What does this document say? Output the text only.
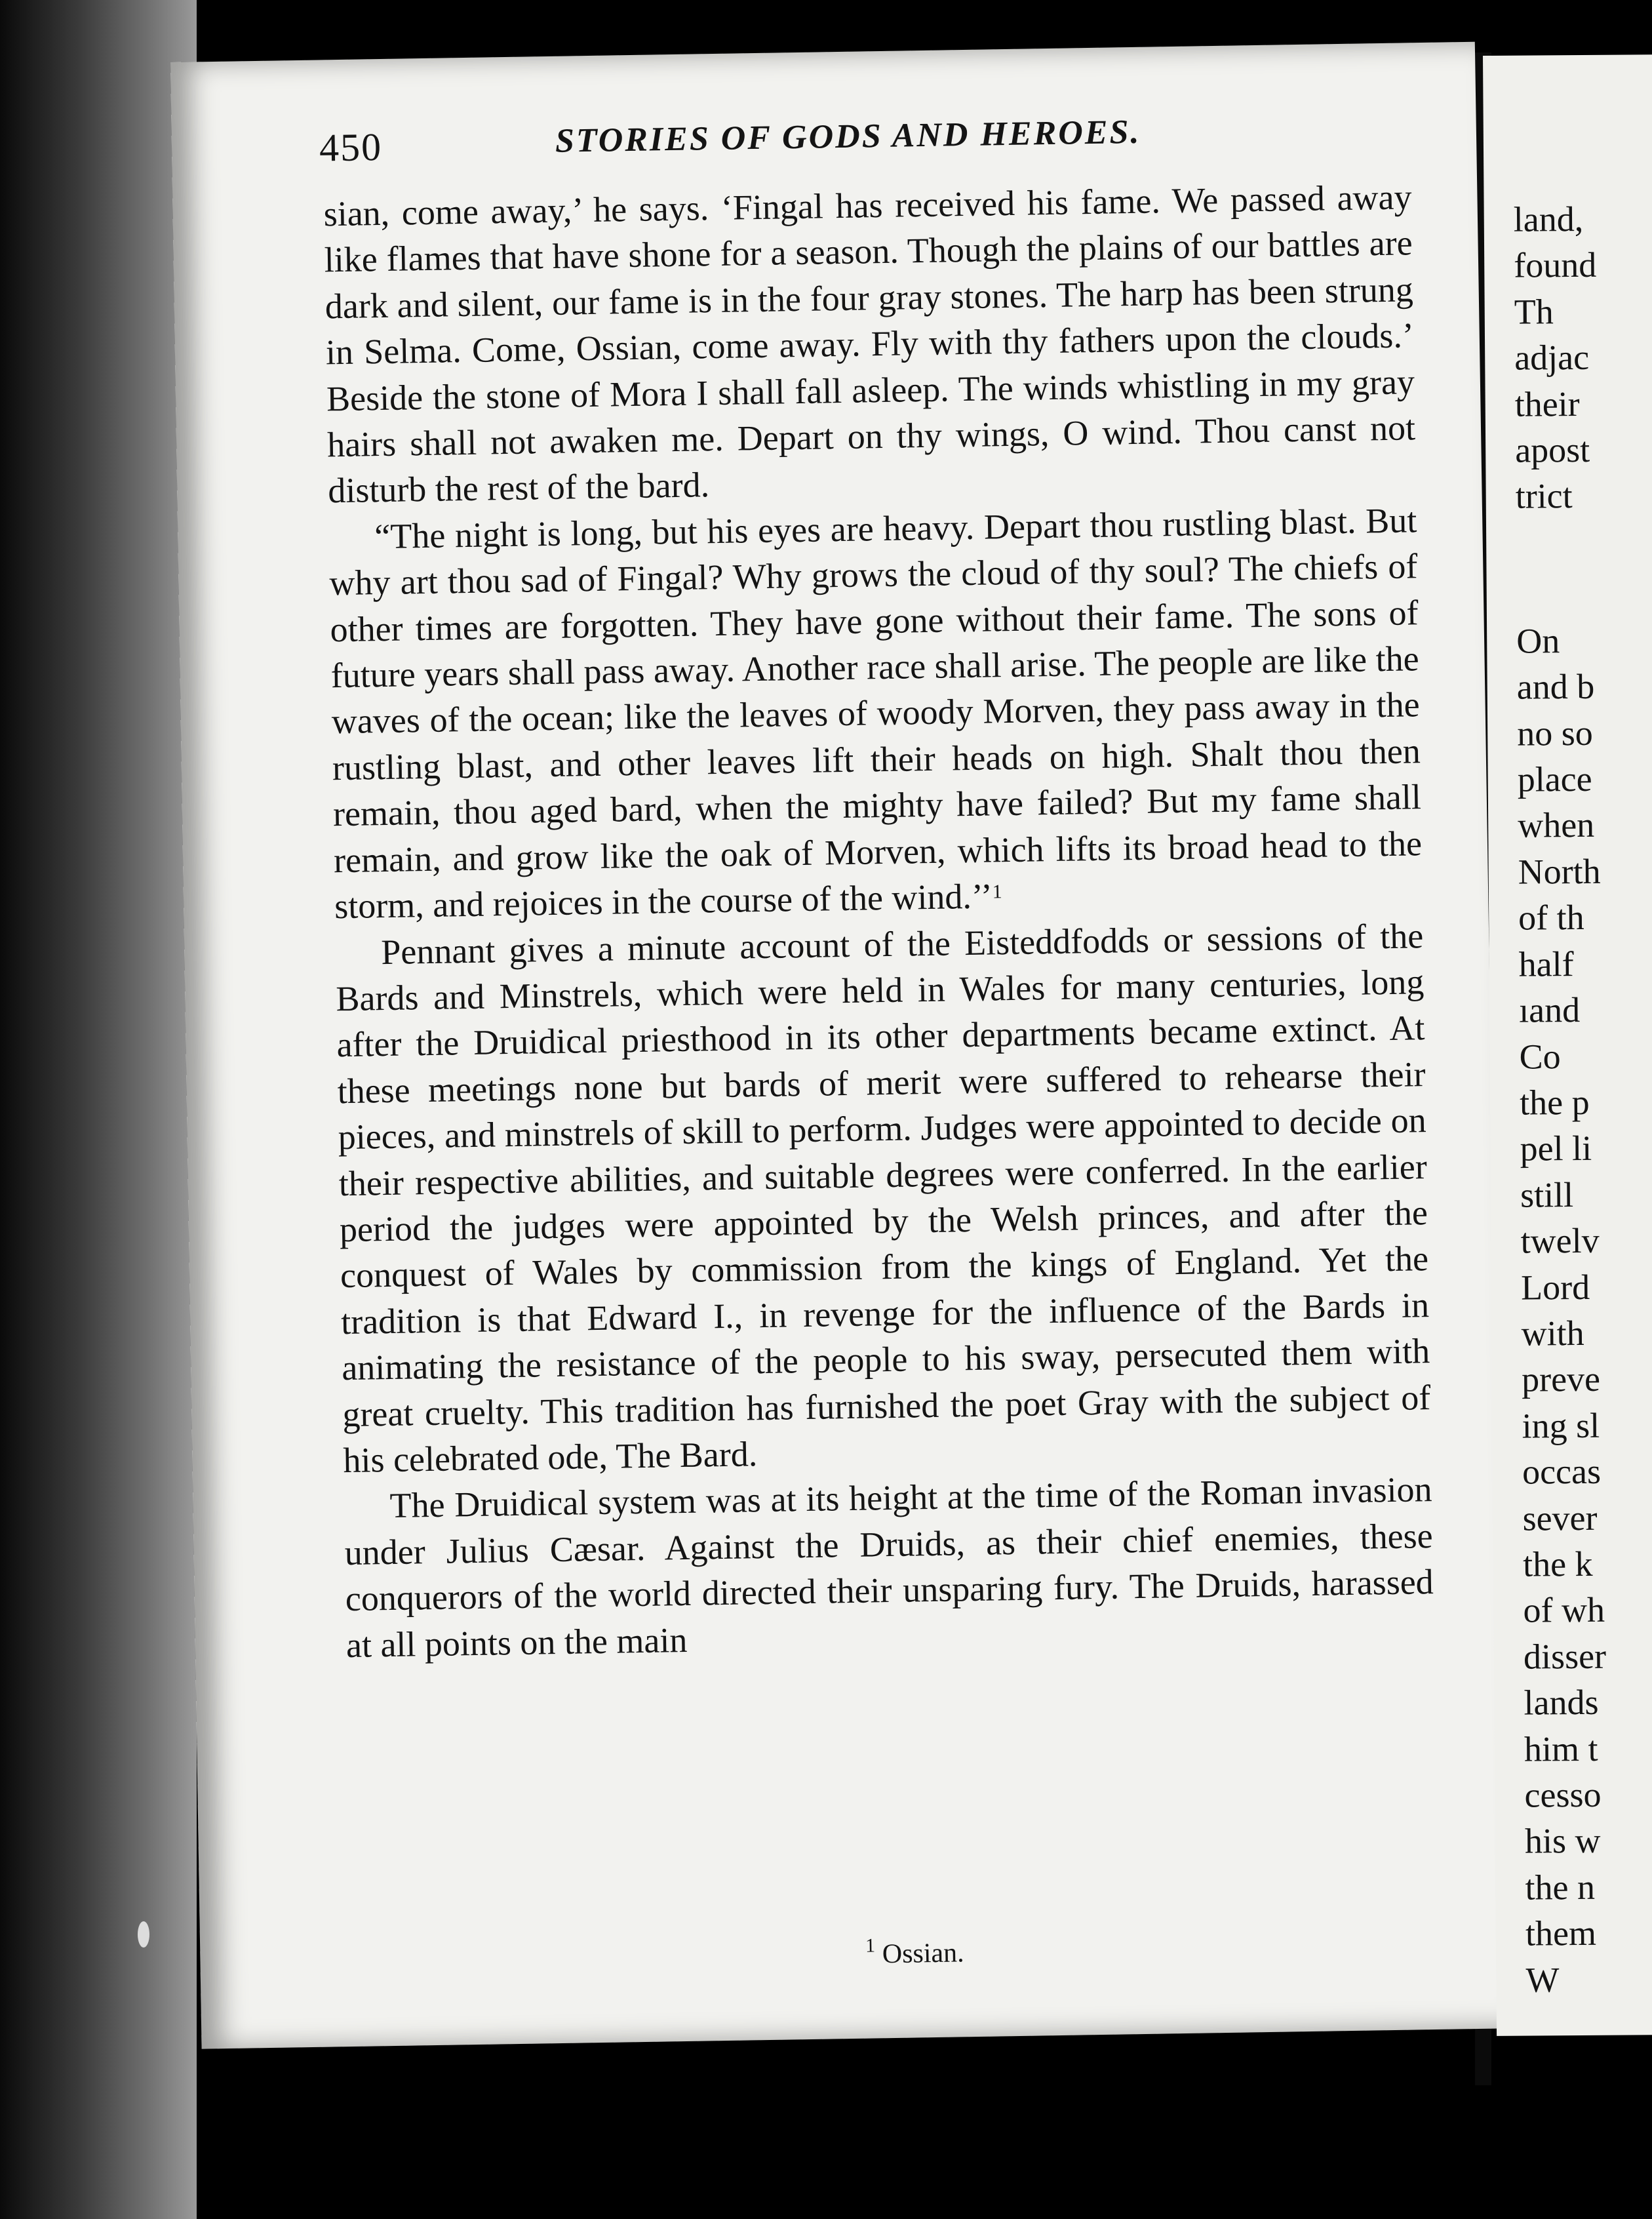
450	STORIES OF GODS AND HEROES.

sian, come away,’ he says. ‘Fingal has received his fame. We passed away like flames that have shone for a season. Though the plains of our battles are dark and silent, our fame is in the four gray stones. The harp has been strung in Selma. Come, Ossian, come away. Fly with thy fathers upon the clouds.’ Beside the stone of Mora I shall fall asleep. The winds whistling in my gray hairs shall not awaken me. Depart on thy wings, O wind. Thou canst not disturb the rest of the bard.

“The night is long, but his eyes are heavy. Depart thou rustling blast. But why art thou sad of Fingal? Why grows the cloud of thy soul? The chiefs of other times are forgotten. They have gone without their fame. The sons of future years shall pass away. Another race shall arise. The people are like the waves of the ocean; like the leaves of woody Morven, they pass away in the rustling blast, and other leaves lift their heads on high. Shalt thou then remain, thou aged bard, when the mighty have failed? But my fame shall remain, and grow like the oak of Morven, which lifts its broad head to the storm, and rejoices in the course of the wind.’’$^1$

Pennant gives a minute account of the Eisteddfodds or sessions of the Bards and Minstrels, which were held in Wales for many centuries, long after the Druidical priesthood in its other departments became extinct. At these meetings none but bards of merit were suffered to rehearse their pieces, and minstrels of skill to perform. Judges were appointed to decide on their respective abilities, and suitable degrees were conferred. In the earlier period the judges were appointed by the Welsh princes, and after the conquest of Wales by commission from the kings of England. Yet the tradition is that Edward I., in revenge for the influence of the Bards in animating the resistance of the people to his sway, persecuted them with great cruelty. This tradition has furnished the poet Gray with the subject of his celebrated ode, The Bard.

The Druidical system was at its height at the time of the Roman invasion under Julius Cæsar. Against the Druids, as their chief enemies, these conquerors of the world directed their unsparing fury. The Druids, harassed at all points on the main

$^1$ Ossian.
land,
found
Th
adjac
their
apost
trict
On
and b
no so
place
when
North
of th
half
ıand
Co
the p
pel li
still
twelv
Lord
with
preve
ing sl
occas
sever
the k
of wh
disser
lands
him t
cesso
his w
the n
them
W
